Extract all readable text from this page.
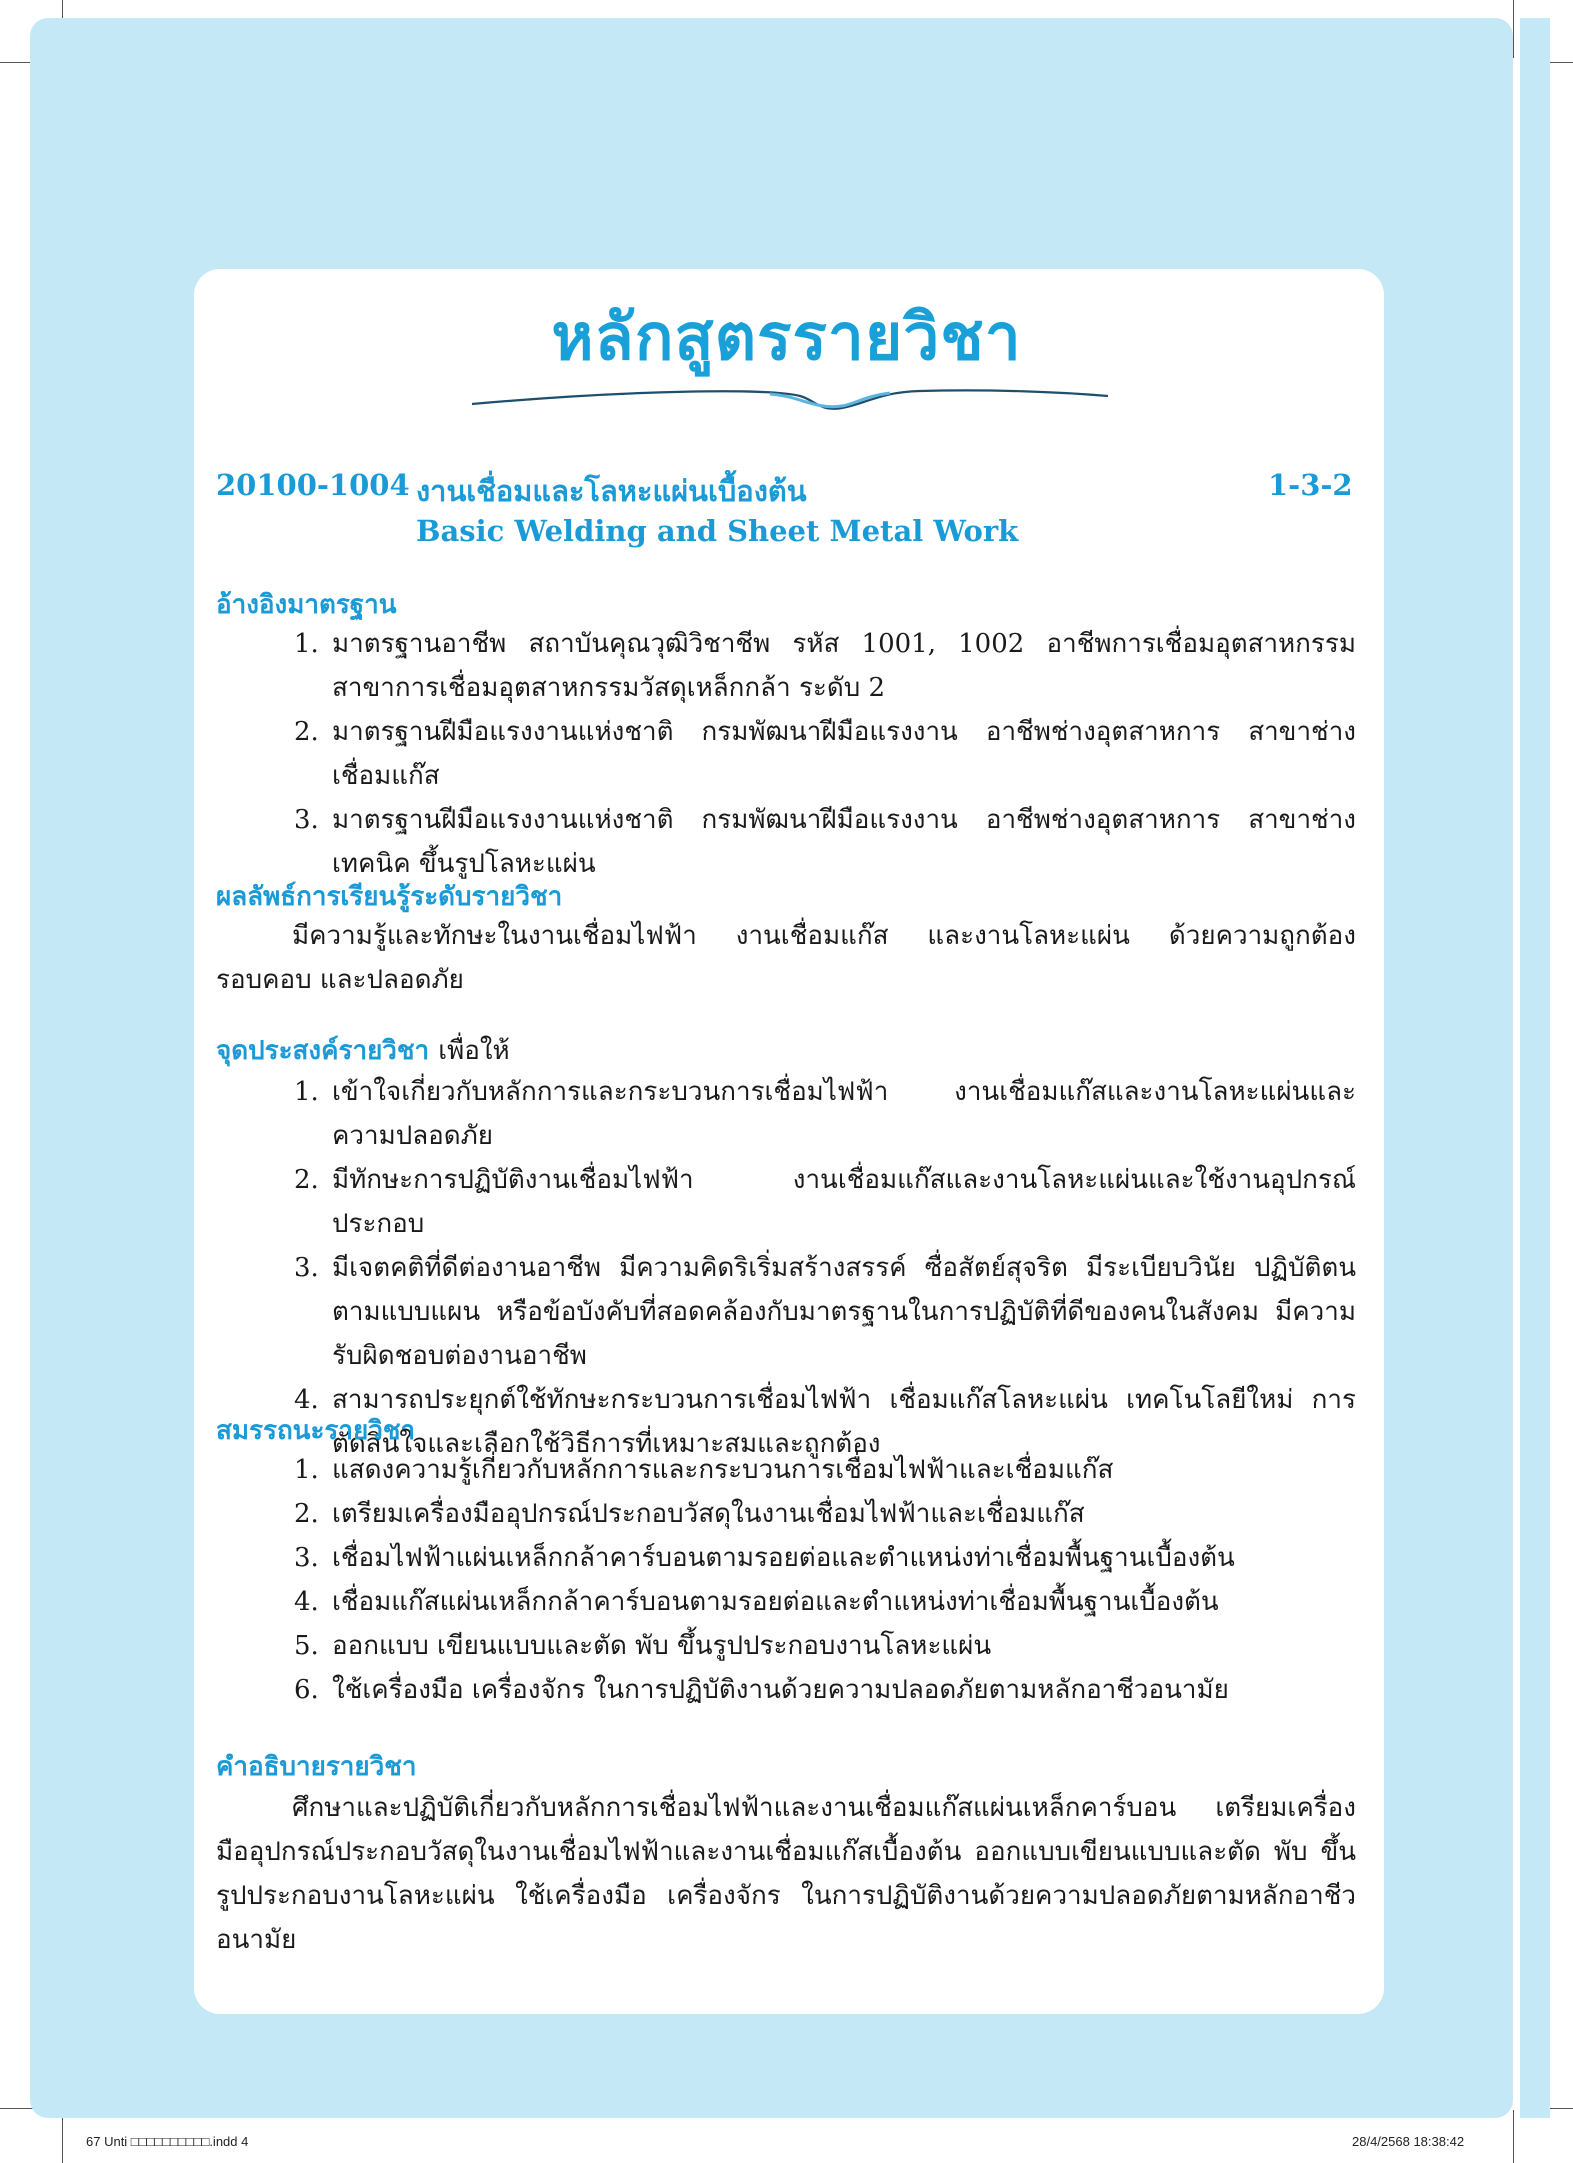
หลักสูตรรายวิชา
20100-1004 งานเชื่อมและโลหะแผ่นเบื้องต้น
Basic Welding and Sheet Metal Work
1-3-2
อ้างอิงมาตรฐาน
1. มาตรฐานอาชีพ สถาบันคุณวุฒิวิชาชีพ รหัส 1001, 1002 อาชีพการเชื่อมอุตสาหกรรม สาขาการเชื่อมอุตสาหกรรมวัสดุเหล็กกล้า ระดับ 2
2. มาตรฐานฝีมือแรงงานแห่งชาติ กรมพัฒนาฝีมือแรงงาน อาชีพช่างอุตสาหการ สาขาช่างเชื่อมแก๊ส
3. มาตรฐานฝีมือแรงงานแห่งชาติ กรมพัฒนาฝีมือแรงงาน อาชีพช่างอุตสาหการ สาขาช่างเทคนิค ขึ้นรูปโลหะแผ่น
ผลลัพธ์การเรียนรู้ระดับรายวิชา
มีความรู้และทักษะในงานเชื่อมไฟฟ้า งานเชื่อมแก๊ส และงานโลหะแผ่น ด้วยความถูกต้องรอบคอบ และปลอดภัย
จุดประสงค์รายวิชา เพื่อให้
1. เข้าใจเกี่ยวกับหลักการและกระบวนการเชื่อมไฟฟ้า งานเชื่อมแก๊สและงานโลหะแผ่นและความปลอดภัย
2. มีทักษะการปฏิบัติงานเชื่อมไฟฟ้า งานเชื่อมแก๊สและงานโลหะแผ่นและใช้งานอุปกรณ์ประกอบ
3. มีเจตคติที่ดีต่องานอาชีพ มีความคิดริเริ่มสร้างสรรค์ ซื่อสัตย์สุจริต มีระเบียบวินัย ปฏิบัติตนตามแบบแผน หรือข้อบังคับที่สอดคล้องกับมาตรฐานในการปฏิบัติที่ดีของคนในสังคม มีความรับผิดชอบต่องานอาชีพ
4. สามารถประยุกต์ใช้ทักษะกระบวนการเชื่อมไฟฟ้า เชื่อมแก๊สโลหะแผ่น เทคโนโลยีใหม่ การตัดสินใจและเลือกใช้วิธีการที่เหมาะสมและถูกต้อง
สมรรถนะรายวิชา
1. แสดงความรู้เกี่ยวกับหลักการและกระบวนการเชื่อมไฟฟ้าและเชื่อมแก๊ส
2. เตรียมเครื่องมืออุปกรณ์ประกอบวัสดุในงานเชื่อมไฟฟ้าและเชื่อมแก๊ส
3. เชื่อมไฟฟ้าแผ่นเหล็กกล้าคาร์บอนตามรอยต่อและตำแหน่งท่าเชื่อมพื้นฐานเบื้องต้น
4. เชื่อมแก๊สแผ่นเหล็กกล้าคาร์บอนตามรอยต่อและตำแหน่งท่าเชื่อมพื้นฐานเบื้องต้น
5. ออกแบบ เขียนแบบและตัด พับ ขึ้นรูปประกอบงานโลหะแผ่น
6. ใช้เครื่องมือ เครื่องจักร ในการปฏิบัติงานด้วยความปลอดภัยตามหลักอาชีวอนามัย
คำอธิบายรายวิชา
ศึกษาและปฏิบัติเกี่ยวกับหลักการเชื่อมไฟฟ้าและงานเชื่อมแก๊สแผ่นเหล็กคาร์บอน เตรียมเครื่องมืออุปกรณ์ประกอบวัสดุในงานเชื่อมไฟฟ้าและงานเชื่อมแก๊สเบื้องต้น ออกแบบเขียนแบบและตัด พับ ขึ้นรูปประกอบงานโลหะแผ่น ใช้เครื่องมือ เครื่องจักร ในการปฏิบัติงานด้วยความปลอดภัยตามหลักอาชีวอนามัย
67 Unti □□□□□□□□□□.indd 4	28/4/2568 18:38:42
